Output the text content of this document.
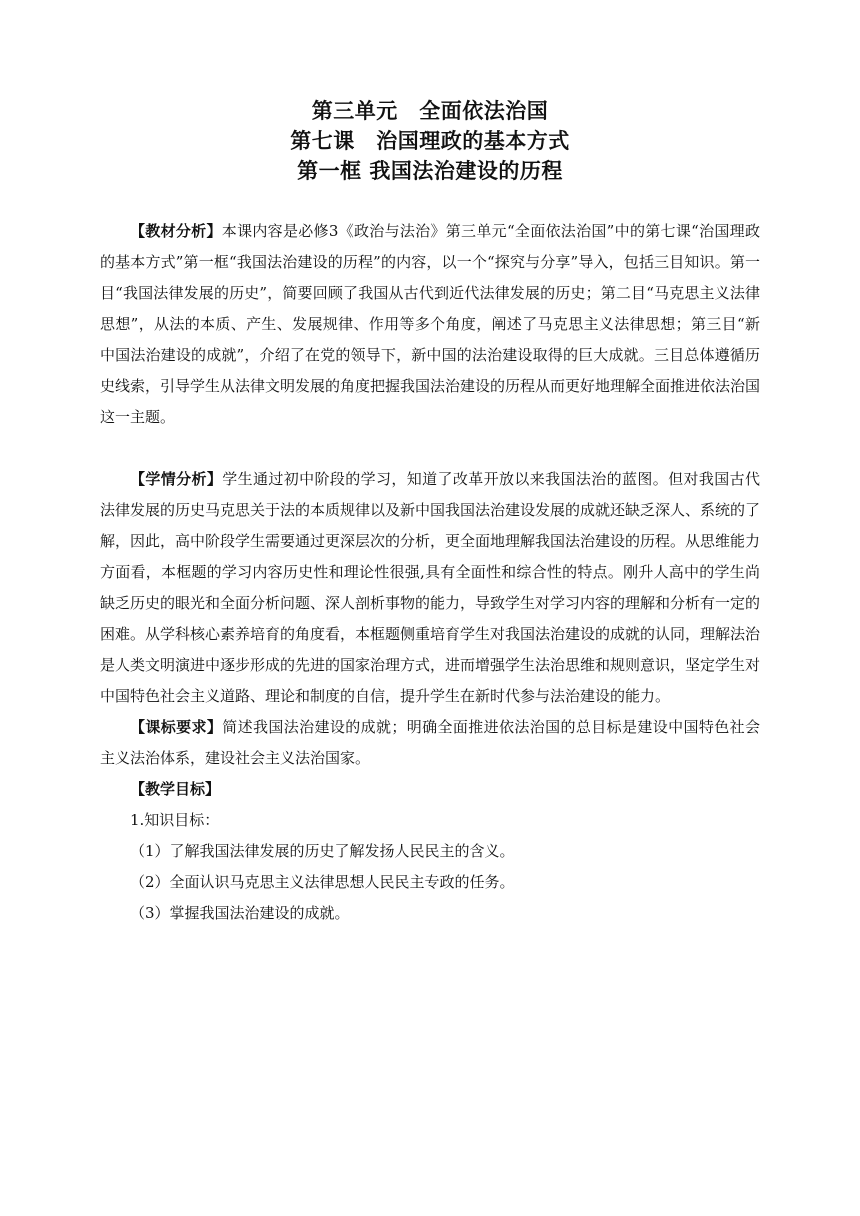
第三单元　全面依法治国
第七课　治国理政的基本方式
第一框 我国法治建设的历程

【教材分析】本课内容是必修3《政治与法治》第三单元“全面依法治国”中的第七课“治国理政的基本方式”第一框“我国法治建设的历程”的内容，以一个“探究与分享”导入，包括三目知识。第一目“我国法律发展的历史”，简要回顾了我国从古代到近代法律发展的历史；第二目“马克思主义法律思想”，从法的本质、产生、发展规律、作用等多个角度，阐述了马克思主义法律思想；第三目“新中国法治建设的成就”，介绍了在党的领导下，新中国的法治建设取得的巨大成就。三目总体遵循历史线索，引导学生从法律文明发展的角度把握我国法治建设的历程从而更好地理解全面推进依法治国这一主题。

【学情分析】学生通过初中阶段的学习，知道了改革开放以来我国法治的蓝图。但对我国古代法律发展的历史马克思关于法的本质规律以及新中国我国法治建设发展的成就还缺乏深人、系统的了解，因此，高中阶段学生需要通过更深层次的分析，更全面地理解我国法治建设的历程。从思维能力方面看，本框题的学习内容历史性和理论性很强,具有全面性和综合性的特点。刚升人高中的学生尚缺乏历史的眼光和全面分析问题、深人剖析事物的能力，导致学生对学习内容的理解和分析有一定的困难。从学科核心素养培育的角度看，本框题侧重培育学生对我国法治建设的成就的认同，理解法治是人类文明演进中逐步形成的先进的国家治理方式，进而增强学生法治思维和规则意识，坚定学生对中国特色社会主义道路、理论和制度的自信，提升学生在新时代参与法治建设的能力。

【课标要求】简述我国法治建设的成就；明确全面推进依法治国的总目标是建设中国特色社会主义法治体系，建设社会主义法治国家。

【教学目标】

1.知识目标：

（1）了解我国法律发展的历史了解发扬人民民主的含义。

（2）全面认识马克思主义法律思想人民民主专政的任务。

（3）掌握我国法治建设的成就。
